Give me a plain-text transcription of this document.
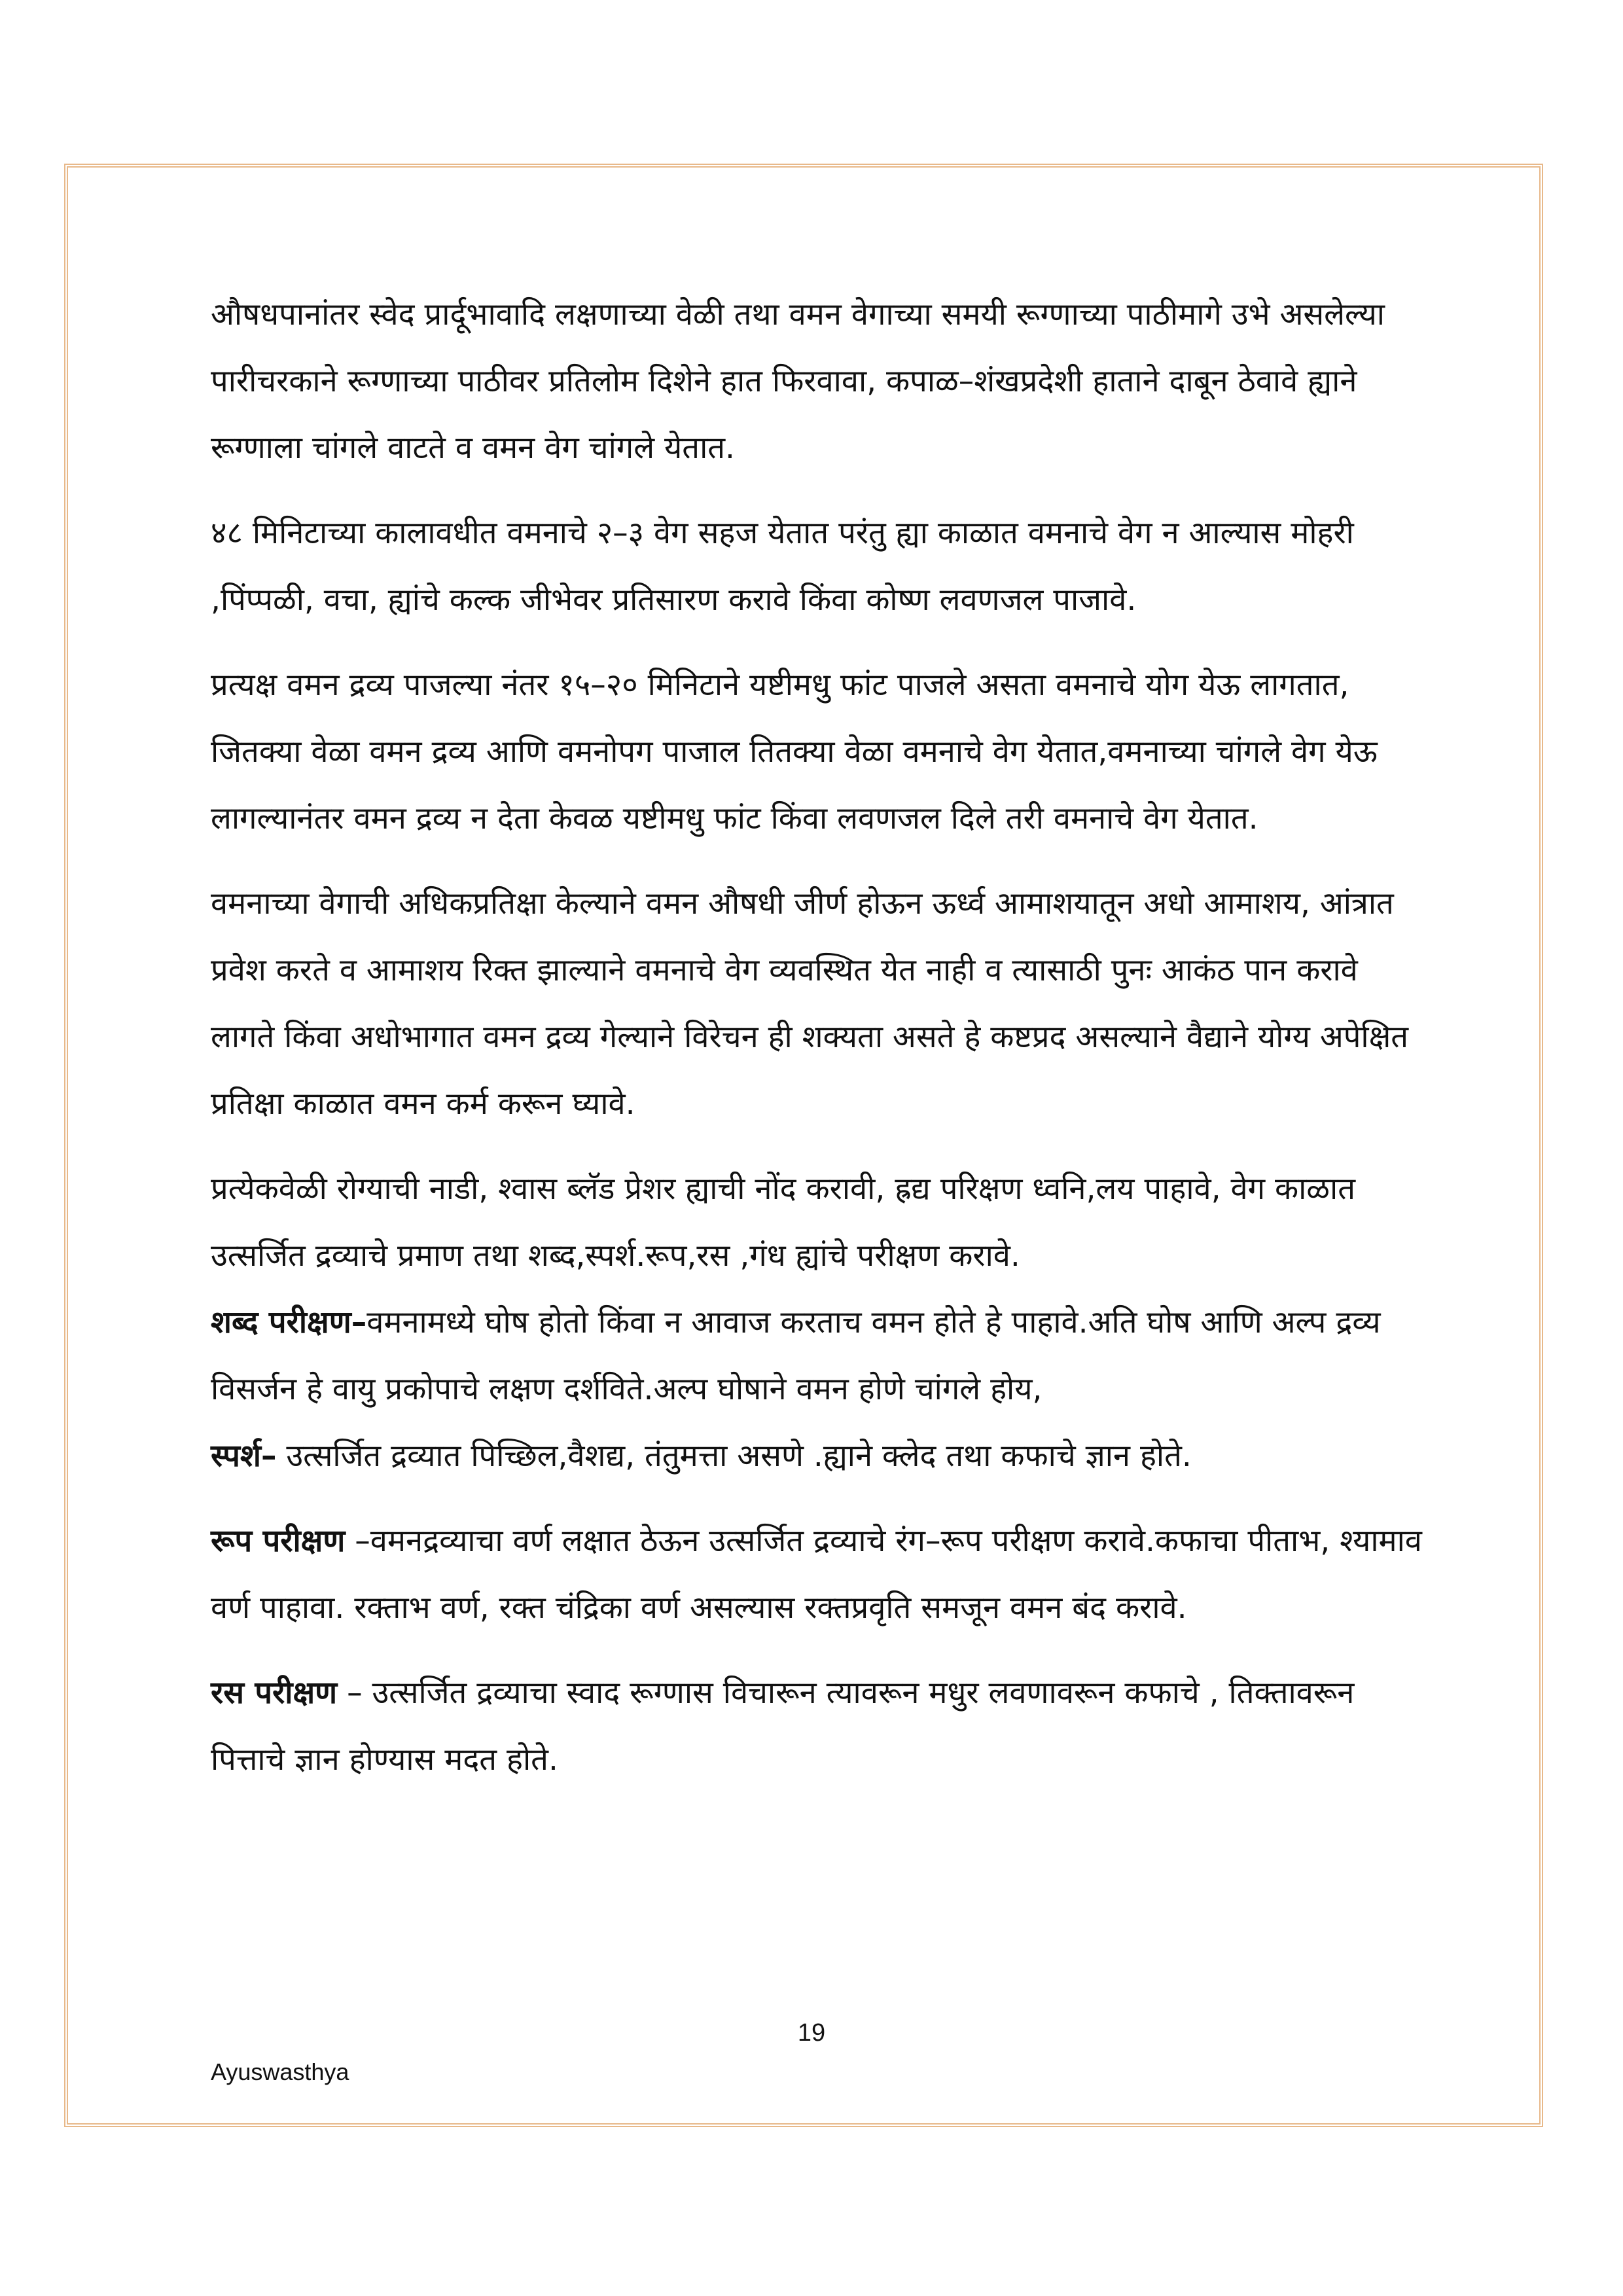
औषधपानांतर स्वेद प्रार्दूभावादि लक्षणाच्या वेळी तथा वमन वेगाच्या समयी रूग्णाच्या पाठीमागे उभे असलेल्या पारीचरकाने रूग्णाच्या पाठीवर प्रतिलोम दिशेने हात फिरवावा, कपाळ–शंखप्रदेशी हाताने दाबून ठेवावे ह्याने रूग्णाला चांगले वाटते व वमन वेग चांगले येतात.

४८ मिनिटाच्या कालावधीत वमनाचे २–३ वेग सहज येतात परंतु ह्या काळात वमनाचे वेग न आल्यास मोहरी ,पिंप्पळी, वचा, ह्यांचे कल्क जीभेवर प्रतिसारण करावे किंवा कोष्ण लवणजल पाजावे.

प्रत्यक्ष वमन द्रव्य पाजल्या नंतर १५–२० मिनिटाने यष्टीमधु फांट पाजले असता वमनाचे योग येऊ लागतात, जितक्या वेळा वमन द्रव्य आणि वमनोपग पाजाल तितक्या वेळा वमनाचे वेग येतात,वमनाच्या चांगले वेग येऊ लागल्यानंतर वमन द्रव्य न देता केवळ यष्टीमधु फांट किंवा लवणजल दिले तरी वमनाचे वेग येतात.

वमनाच्या वेगाची अधिकप्रतिक्षा केल्याने वमन औषधी जीर्ण होऊन ऊर्ध्व आमाशयातून अधो आमाशय, आंत्रात प्रवेश करते व आमाशय रिक्त झाल्याने वमनाचे वेग व्यवस्थित येत नाही व त्यासाठी पुनः आकंठ पान करावे लागते किंवा अधोभागात वमन द्रव्य गेल्याने विरेचन ही शक्यता असते हे कष्टप्रद असल्याने वैद्याने योग्य अपेक्षित प्रतिक्षा काळात वमन कर्म करून घ्यावे.

प्रत्येकवेळी रोग्याची नाडी, श्वास ब्लॅड प्रेशर ह्याची नोंद करावी, ह्रद्य परिक्षण ध्वनि,लय पाहावे, वेग काळात उत्सर्जित द्रव्याचे प्रमाण तथा शब्द,स्पर्श.रूप,रस ,गंध ह्यांचे परीक्षण करावे.
शब्द परीक्षण–वमनामध्ये घोष होतो किंवा न आवाज करताच वमन होते हे पाहावे.अति घोष आणि अल्प द्रव्य विसर्जन हे वायु प्रकोपाचे लक्षण दर्शविते.अल्प घोषाने वमन होणे चांगले होय,
स्पर्श– उत्सर्जित द्रव्यात पिच्छिल,वैशद्य, तंतुमत्ता असणे .ह्याने क्लेद तथा कफाचे ज्ञान होते.

रूप परीक्षण –वमनद्रव्याचा वर्ण लक्षात ठेऊन उत्सर्जित द्रव्याचे रंग–रूप परीक्षण करावे.कफाचा पीताभ, श्यामाव वर्ण पाहावा. रक्ताभ वर्ण, रक्त चंद्रिका वर्ण असल्यास रक्तप्रवृति समजून वमन बंद करावे.

रस परीक्षण – उत्सर्जित द्रव्याचा स्वाद रूग्णास विचारून त्यावरून मधुर लवणावरून कफाचे , तिक्तावरून पित्ताचे ज्ञान होण्यास मदत होते.

19
Ayuswasthya
